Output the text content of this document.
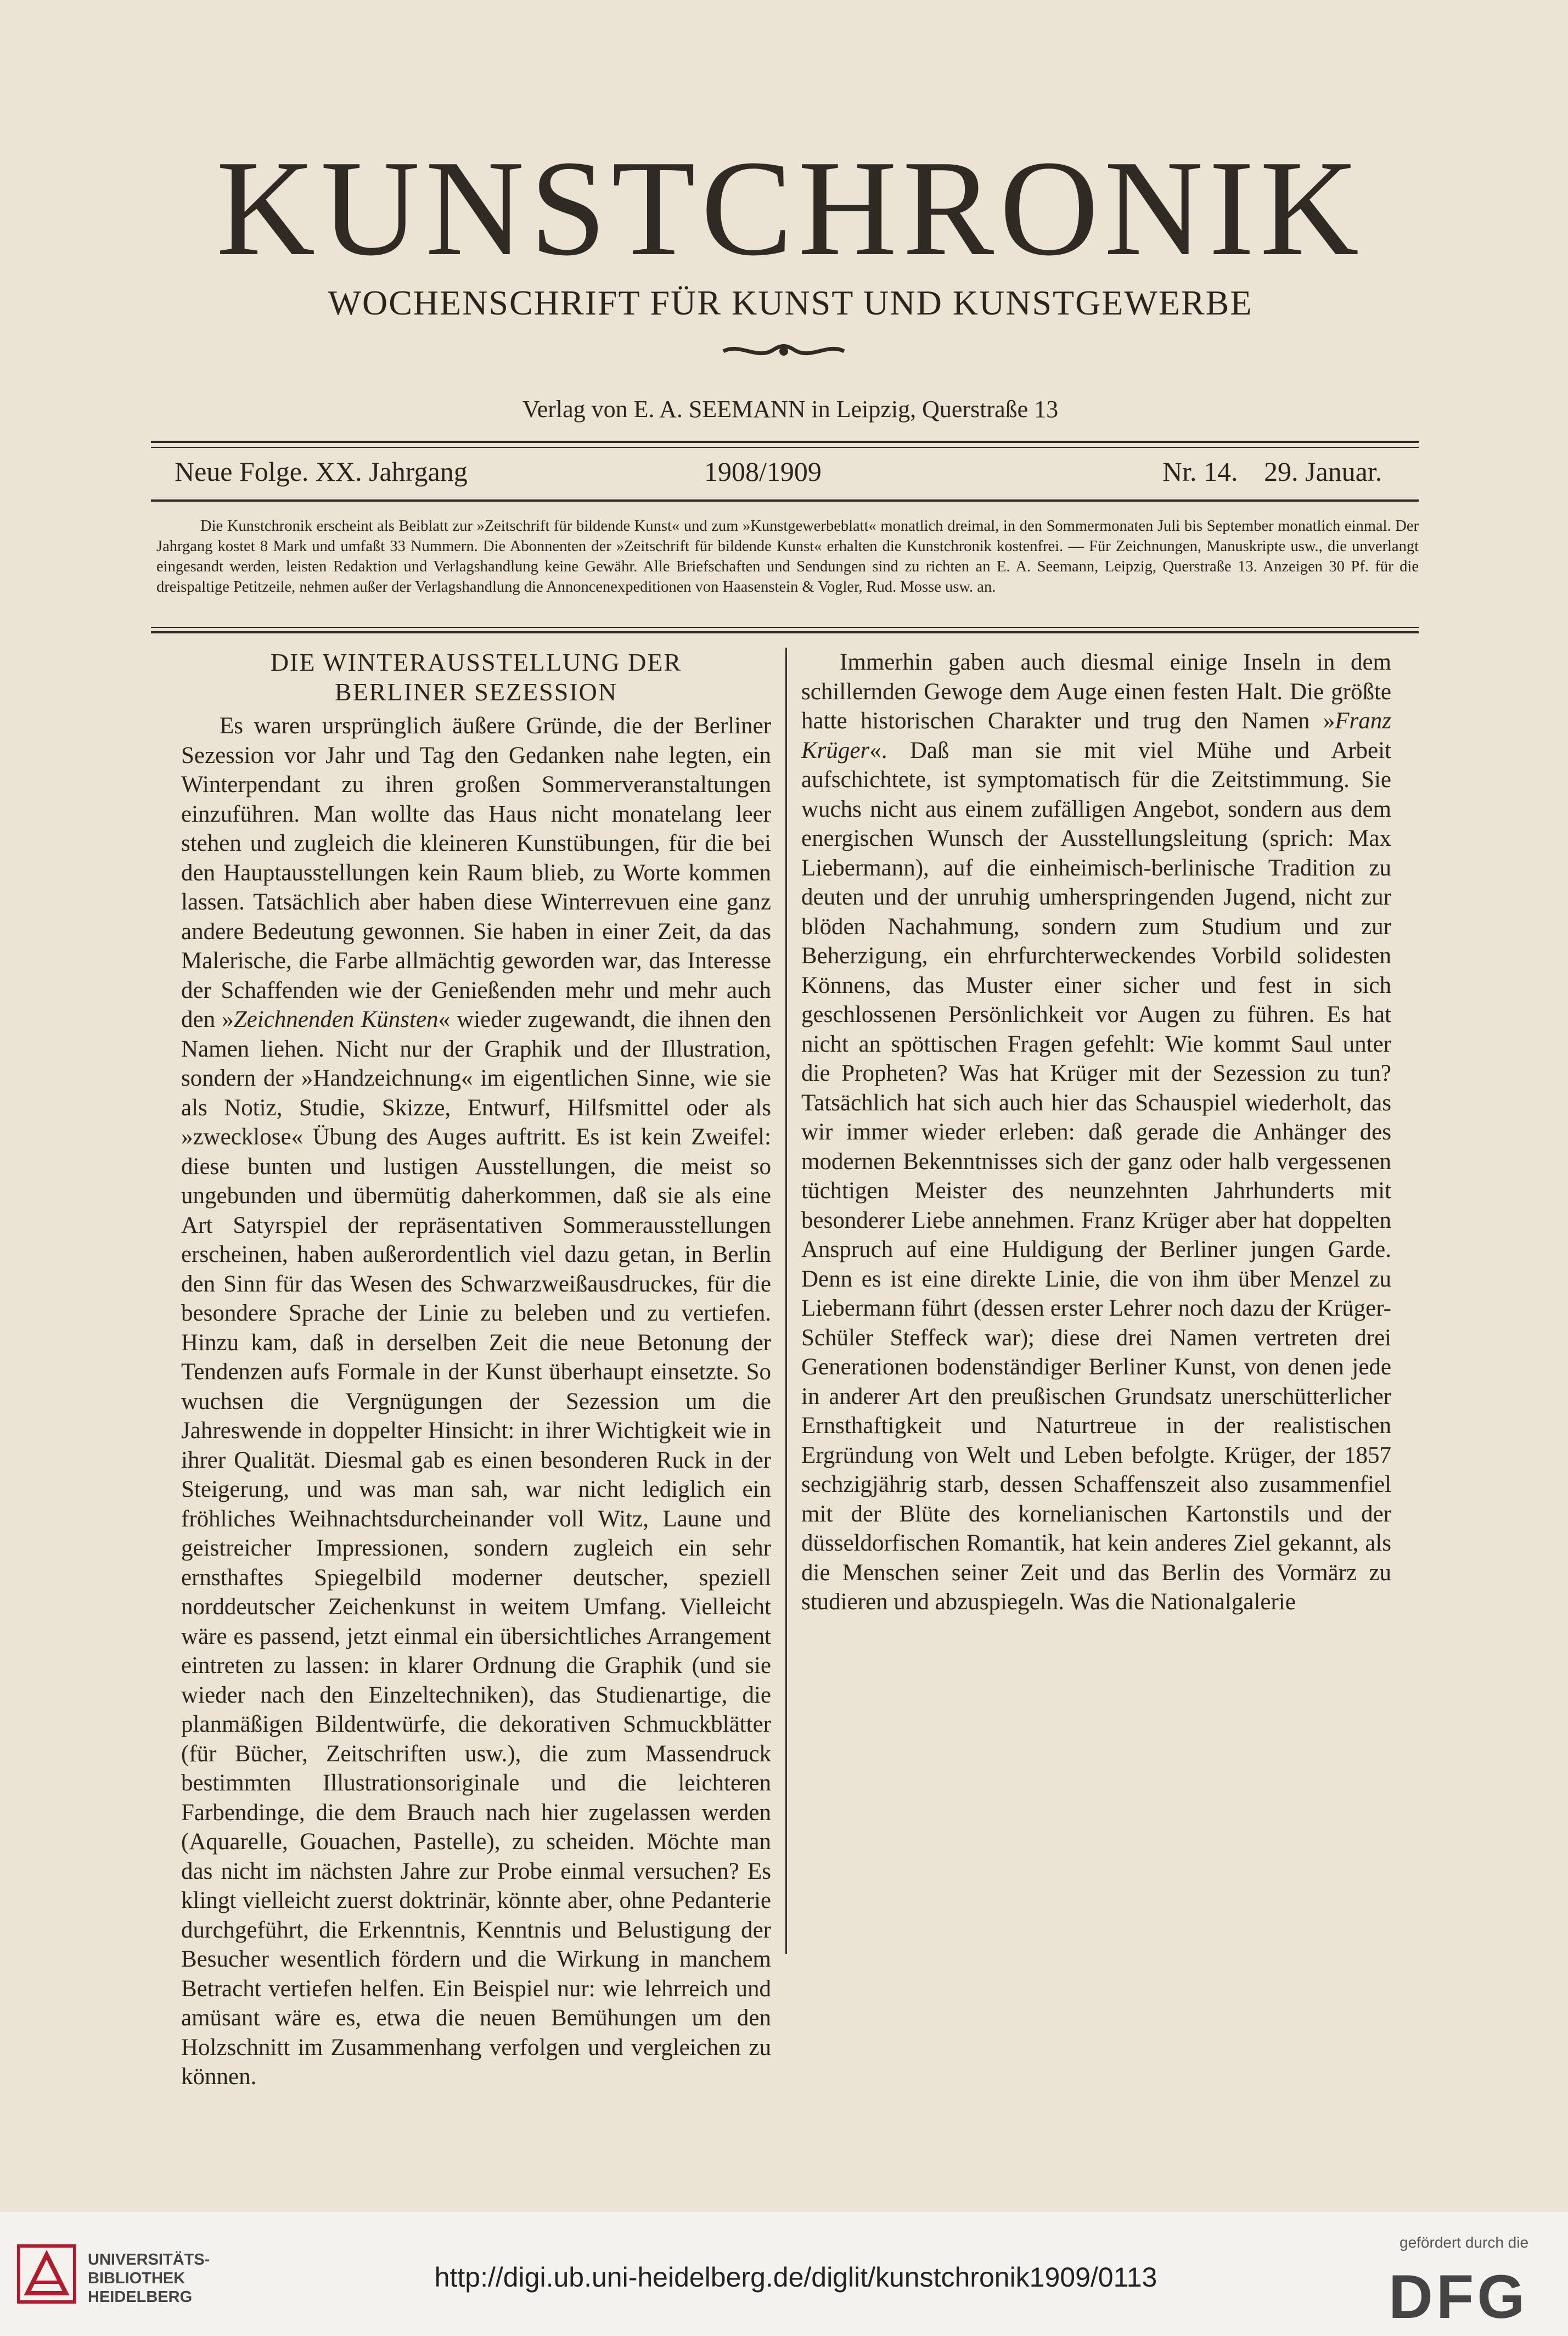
KUNSTCHRONIK
WOCHENSCHRIFT FÜR KUNST UND KUNSTGEWERBE
Verlag von E. A. SEEMANN in Leipzig, Querstraße 13
Neue Folge. XX. Jahrgang	1908/1909	Nr. 14. 29. Januar.
Die Kunstchronik erscheint als Beiblatt zur »Zeitschrift für bildende Kunst« und zum »Kunstgewerbeblatt« monatlich dreimal, in den Sommermonaten Juli bis September monatlich einmal. Der Jahrgang kostet 8 Mark und umfaßt 33 Nummern. Die Abonnenten der »Zeitschrift für bildende Kunst« erhalten die Kunstchronik kostenfrei. — Für Zeichnungen, Manuskripte usw., die unverlangt eingesandt werden, leisten Redaktion und Verlagshandlung keine Gewähr. Alle Briefschaften und Sendungen sind zu richten an E. A. Seemann, Leipzig, Querstraße 13. Anzeigen 30 Pf. für die dreispaltige Petitzeile, nehmen außer der Verlagshandlung die Annoncenexpeditionen von Haasenstein & Vogler, Rud. Mosse usw. an.
DIE WINTERAUSSTELLUNG DER
BERLINER SEZESSION

Es waren ursprünglich äußere Gründe, die der Berliner Sezession vor Jahr und Tag den Gedanken nahe legten, ein Winterpendant zu ihren großen Sommerveranstaltungen einzuführen. Man wollte das Haus nicht monatelang leer stehen und zugleich die kleineren Kunstübungen, für die bei den Hauptausstellungen kein Raum blieb, zu Worte kommen lassen. Tatsächlich aber haben diese Winterrevuen eine ganz andere Bedeutung gewonnen. Sie haben in einer Zeit, da das Malerische, die Farbe allmächtig geworden war, das Interesse der Schaffenden wie der Genießenden mehr und mehr auch den »Zeichnenden Künsten« wieder zugewandt, die ihnen den Namen liehen. Nicht nur der Graphik und der Illustration, sondern der »Handzeichnung« im eigentlichen Sinne, wie sie als Notiz, Studie, Skizze, Entwurf, Hilfsmittel oder als »zwecklose« Übung des Auges auftritt. Es ist kein Zweifel: diese bunten und lustigen Ausstellungen, die meist so ungebunden und übermütig daherkommen, daß sie als eine Art Satyrspiel der repräsentativen Sommerausstellungen erscheinen, haben außerordentlich viel dazu getan, in Berlin den Sinn für das Wesen des Schwarzweißausdruckes, für die besondere Sprache der Linie zu beleben und zu vertiefen. Hinzu kam, daß in derselben Zeit die neue Betonung der Tendenzen aufs Formale in der Kunst überhaupt einsetzte. So wuchsen die Vergnügungen der Sezession um die Jahreswende in doppelter Hinsicht: in ihrer Wichtigkeit wie in ihrer Qualität. Diesmal gab es einen besonderen Ruck in der Steigerung, und was man sah, war nicht lediglich ein fröhliches Weihnachtsdurcheinander voll Witz, Laune und geistreicher Impressionen, sondern zugleich ein sehr ernsthaftes Spiegelbild moderner deutscher, speziell norddeutscher Zeichenkunst in weitem Umfang. Vielleicht wäre es passend, jetzt einmal ein übersichtliches Arrangement eintreten zu lassen: in klarer Ordnung die Graphik (und sie wieder nach den Einzeltechniken), das Studienartige, die planmäßigen Bildentwürfe, die dekorativen Schmuckblätter (für Bücher, Zeitschriften usw.), die zum Massendruck bestimmten Illustrationsoriginale und die leichteren Farbendinge, die dem Brauch nach hier zugelassen werden (Aquarelle, Gouachen, Pastelle), zu scheiden. Möchte man das nicht im nächsten Jahre zur Probe einmal versuchen? Es klingt vielleicht zuerst doktrinär, könnte aber, ohne Pedanterie durchgeführt, die Erkenntnis, Kenntnis und Belustigung der Besucher wesentlich fördern und die Wirkung in manchem Betracht vertiefen helfen. Ein Beispiel nur: wie lehrreich und amüsant wäre es, etwa die neuen Bemühungen um den Holzschnitt im Zusammenhang verfolgen und vergleichen zu können.

Immerhin gaben auch diesmal einige Inseln in dem schillernden Gewoge dem Auge einen festen Halt. Die größte hatte historischen Charakter und trug den Namen »Franz Krüger«. Daß man sie mit viel Mühe und Arbeit aufschichtete, ist symptomatisch für die Zeitstimmung. Sie wuchs nicht aus einem zufälligen Angebot, sondern aus dem energischen Wunsch der Ausstellungsleitung (sprich: Max Liebermann), auf die einheimisch-berlinische Tradition zu deuten und der unruhig umherspringenden Jugend, nicht zur blöden Nachahmung, sondern zum Studium und zur Beherzigung, ein ehrfurchterweckendes Vorbild solidesten Könnens, das Muster einer sicher und fest in sich geschlossenen Persönlichkeit vor Augen zu führen. Es hat nicht an spöttischen Fragen gefehlt: Wie kommt Saul unter die Propheten? Was hat Krüger mit der Sezession zu tun? Tatsächlich hat sich auch hier das Schauspiel wiederholt, das wir immer wieder erleben: daß gerade die Anhänger des modernen Bekenntnisses sich der ganz oder halb vergessenen tüchtigen Meister des neunzehnten Jahrhunderts mit besonderer Liebe annehmen. Franz Krüger aber hat doppelten Anspruch auf eine Huldigung der Berliner jungen Garde. Denn es ist eine direkte Linie, die von ihm über Menzel zu Liebermann führt (dessen erster Lehrer noch dazu der Krüger-Schüler Steffeck war); diese drei Namen vertreten drei Generationen bodenständiger Berliner Kunst, von denen jede in anderer Art den preußischen Grundsatz unerschütterlicher Ernsthaftigkeit und Naturtreue in der realistischen Ergründung von Welt und Leben befolgte. Krüger, der 1857 sechzigjährig starb, dessen Schaffenszeit also zusammenfiel mit der Blüte des kornelianischen Kartonstils und der düsseldorfischen Romantik, hat kein anderes Ziel gekannt, als die Menschen seiner Zeit und das Berlin des Vormärz zu studieren und abzuspiegeln. Was die Nationalgalerie

UNIVERSITÄTS-
BIBLIOTHEK
HEIDELBERG
http://digi.ub.uni-heidelberg.de/diglit/kunstchronik1909/0113
gefördert durch die
DFG
